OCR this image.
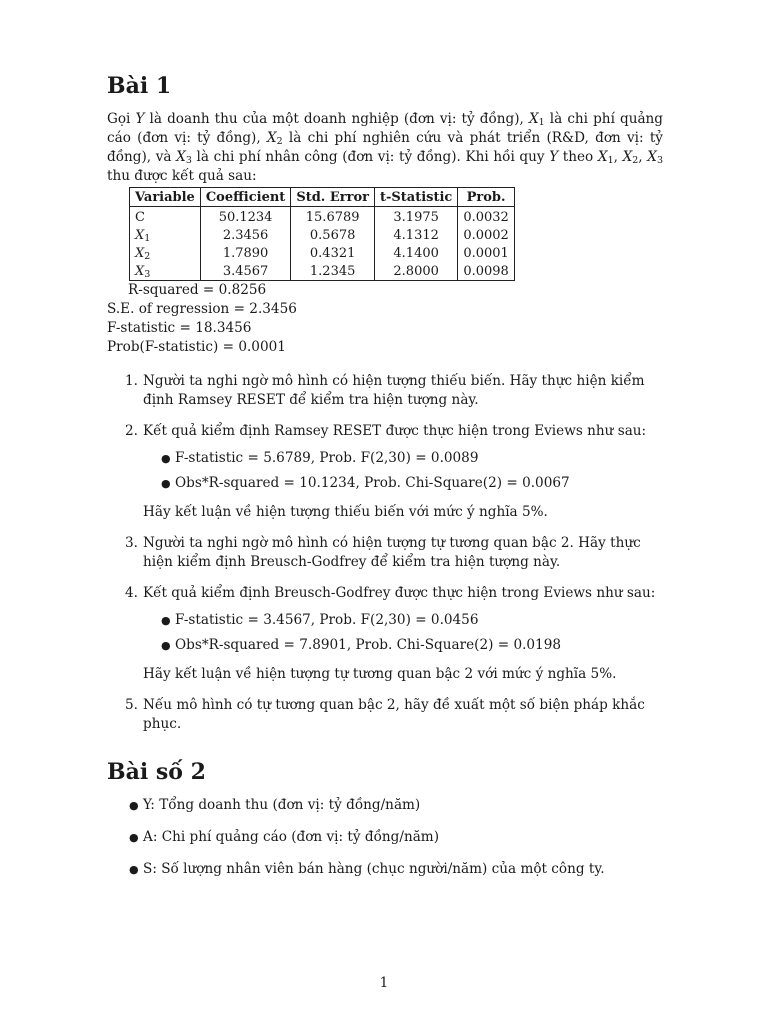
Bài 1

Gọi Y là doanh thu của một doanh nghiệp (đơn vị: tỷ đồng), $X_1$ là chi phí quảng cáo (đơn vị: tỷ đồng), $X_2$ là chi phí nghiên cứu và phát triển (R&D, đơn vị: tỷ đồng), và $X_3$ là chi phí nhân công (đơn vị: tỷ đồng). Khi hồi quy Y theo $X_1$, $X_2$, $X_3$ thu được kết quả sau:

Variable	Coefficient	Std. Error	t-Statistic	Prob.
C	50.1234	15.6789	3.1975	0.0032
$X_1$	2.3456	0.5678	4.1312	0.0002
$X_2$	1.7890	0.4321	4.1400	0.0001
$X_3$	3.4567	1.2345	2.8000	0.0098
R-squared = 0.8256
S.E. of regression = 2.3456
F-statistic = 18.3456
Prob(F-statistic) = 0.0001
1. Người ta nghi ngờ mô hình có hiện tượng thiếu biến. Hãy thực hiện kiểm định Ramsey RESET để kiểm tra hiện tượng này.
2. Kết quả kiểm định Ramsey RESET được thực hiện trong Eviews như sau:
● F-statistic = 5.6789, Prob. F(2,30) = 0.0089
● Obs*R-squared = 10.1234, Prob. Chi-Square(2) = 0.0067
Hãy kết luận về hiện tượng thiếu biến với mức ý nghĩa 5%.
3. Người ta nghi ngờ mô hình có hiện tượng tự tương quan bậc 2. Hãy thực hiện kiểm định Breusch-Godfrey để kiểm tra hiện tượng này.
4. Kết quả kiểm định Breusch-Godfrey được thực hiện trong Eviews như sau:
● F-statistic = 3.4567, Prob. F(2,30) = 0.0456
● Obs*R-squared = 7.8901, Prob. Chi-Square(2) = 0.0198
Hãy kết luận về hiện tượng tự tương quan bậc 2 với mức ý nghĩa 5%.
5. Nếu mô hình có tự tương quan bậc 2, hãy đề xuất một số biện pháp khắc phục.
Bài số 2
● Y: Tổng doanh thu (đơn vị: tỷ đồng/năm)
● A: Chi phí quảng cáo (đơn vị: tỷ đồng/năm)
● S: Số lượng nhân viên bán hàng (chục người/năm) của một công ty.
1
